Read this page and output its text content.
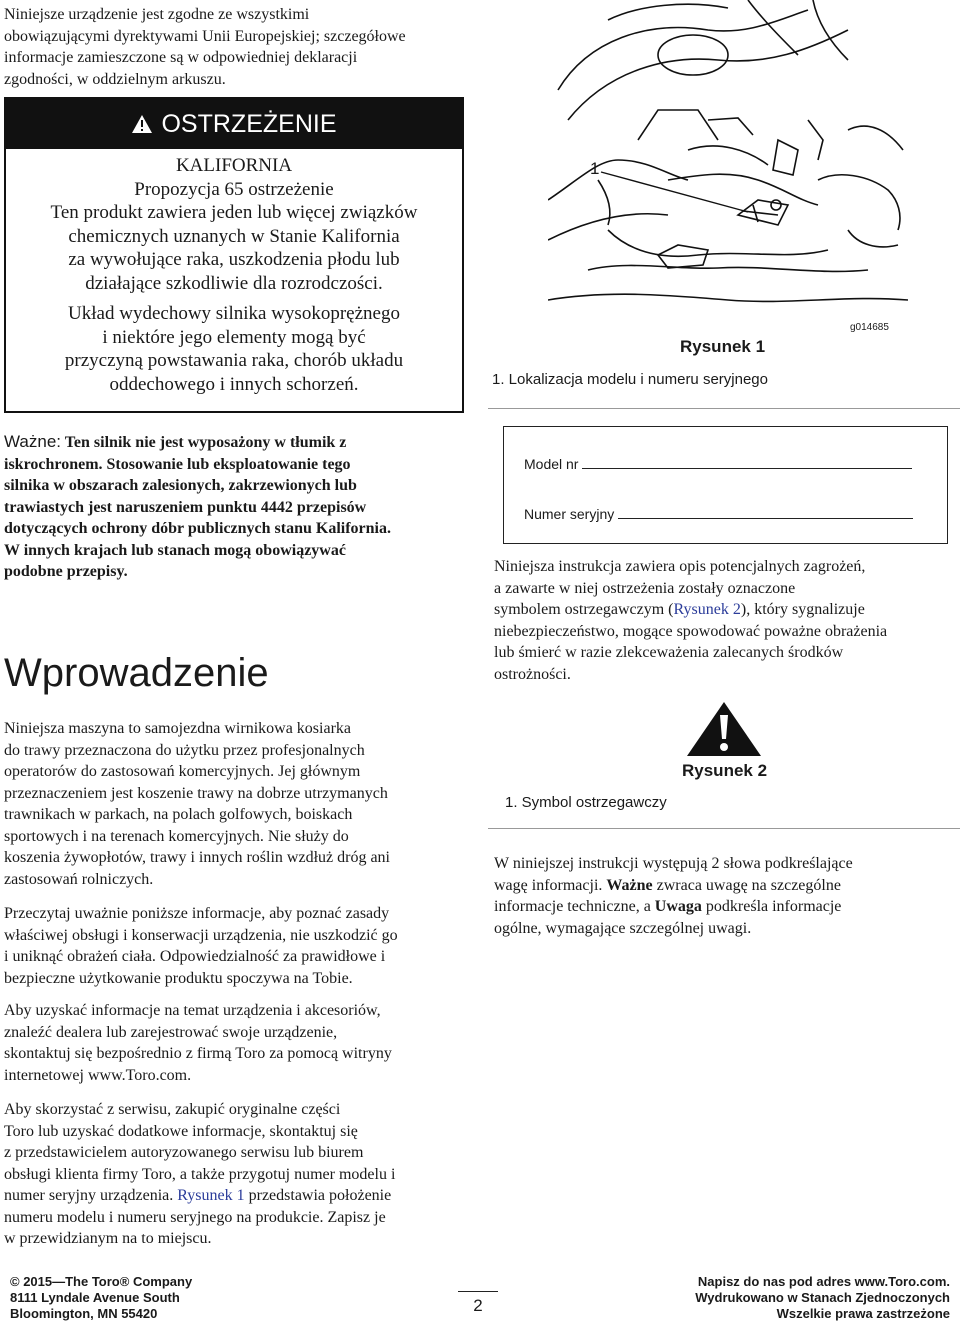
Niniejsze urządzenie jest zgodne ze wszystkimi
obowiązującymi dyrektywami Unii Europejskiej; szczegółowe
informacje zamieszczone są w odpowiedniej deklaracji
zgodności, w oddzielnym arkuszu.
OSTRZEŻENIE

KALIFORNIA

Propozycja 65 ostrzeżenie

Ten produkt zawiera jeden lub więcej związków

chemicznych uznanych w Stanie Kalifornia

za wywołujące raka, uszkodzenia płodu lub

działające szkodliwie dla rozrodczości.

Układ wydechowy silnika wysokoprężnego

i niektóre jego elementy mogą być

przyczyną powstawania raka, chorób układu

oddechowego i innych schorzeń.

1
Rysunek 1
g014685
1. Lokalizacja modelu i numeru seryjnego
Ważne: Ten silnik nie jest wyposażony w tłumik z
iskrochronem. Stosowanie lub eksploatowanie tego
silnika w obszarach zalesionych, zakrzewionych lub
trawiastych jest naruszeniem punktu 4442 przepisów
dotyczących ochrony dóbr publicznych stanu Kalifornia.
W innych krajach lub stanach mogą obowiązywać
podobne przepisy.
Model nr
Numer seryjny
Niniejsza instrukcja zawiera opis potencjalnych zagrożeń,
a zawarte w niej ostrzeżenia zostały oznaczone
symbolem ostrzegawczym (Rysunek 2), który sygnalizuje
niebezpieczeństwo, mogące spowodować poważne obrażenia
lub śmierć w razie zlekceważenia zalecanych środków
ostrożności.
Rysunek 2
1. Symbol ostrzegawczy
W niniejszej instrukcji występują 2 słowa podkreślające
wagę informacji. Ważne zwraca uwagę na szczególne
informacje techniczne, a Uwaga podkreśla informacje
ogólne, wymagające szczególnej uwagi.
Wprowadzenie
Niniejsza maszyna to samojezdna wirnikowa kosiarka
do trawy przeznaczona do użytku przez profesjonalnych
operatorów do zastosowań komercyjnych. Jej głównym
przeznaczeniem jest koszenie trawy na dobrze utrzymanych
trawnikach w parkach, na polach golfowych, boiskach
sportowych i na terenach komercyjnych. Nie służy do
koszenia żywopłotów, trawy i innych roślin wzdłuż dróg ani
zastosowań rolniczych.
Przeczytaj uważnie poniższe informacje, aby poznać zasady
właściwej obsługi i konserwacji urządzenia, nie uszkodzić go
i uniknąć obrażeń ciała. Odpowiedzialność za prawidłowe i
bezpieczne użytkowanie produktu spoczywa na Tobie.
Aby uzyskać informacje na temat urządzenia i akcesoriów,
znaleźć dealera lub zarejestrować swoje urządzenie,
skontaktuj się bezpośrednio z firmą Toro za pomocą witryny
internetowej www.Toro.com.
Aby skorzystać z serwisu, zakupić oryginalne części
Toro lub uzyskać dodatkowe informacje, skontaktuj się
z przedstawicielem autoryzowanego serwisu lub biurem
obsługi klienta firmy Toro, a także przygotuj numer modelu i
numer seryjny urządzenia. Rysunek 1 przedstawia położenie
numeru modelu i numeru seryjnego na produkcie. Zapisz je
w przewidzianym na to miejscu.
© 2015—The Toro® Company
8111 Lyndale Avenue South
Bloomington, MN 55420	2
Napisz do nas pod adres www.Toro.com.
Wydrukowano w Stanach Zjednoczonych
Wszelkie prawa zastrzeżone
